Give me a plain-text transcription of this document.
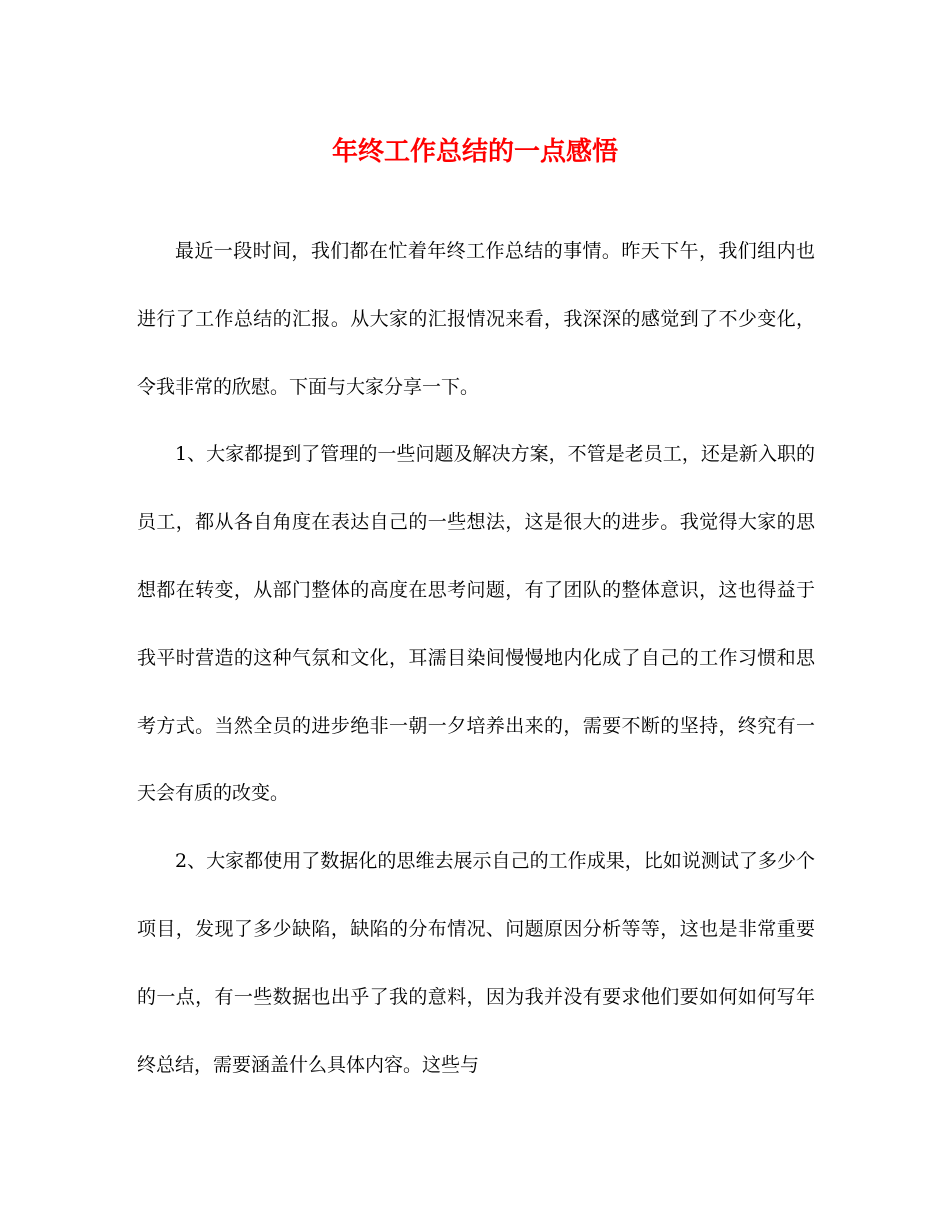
年终工作总结的一点感悟

最近一段时间，我们都在忙着年终工作总结的事情。昨天下午，我们组内也进行了工作总结的汇报。从大家的汇报情况来看，我深深的感觉到了不少变化，令我非常的欣慰。下面与大家分享一下。

1、大家都提到了管理的一些问题及解决方案，不管是老员工，还是新入职的员工，都从各自角度在表达自己的一些想法，这是很大的进步。我觉得大家的思想都在转变，从部门整体的高度在思考问题，有了团队的整体意识，这也得益于我平时营造的这种气氛和文化，耳濡目染间慢慢地内化成了自己的工作习惯和思考方式。当然全员的进步绝非一朝一夕培养出来的，需要不断的坚持，终究有一天会有质的改变。

2、大家都使用了数据化的思维去展示自己的工作成果，比如说测试了多少个项目，发现了多少缺陷，缺陷的分布情况、问题原因分析等等，这也是非常重要的一点，有一些数据也出乎了我的意料，因为我并没有要求他们要如何如何写年终总结，需要涵盖什么具体内容。这些与
